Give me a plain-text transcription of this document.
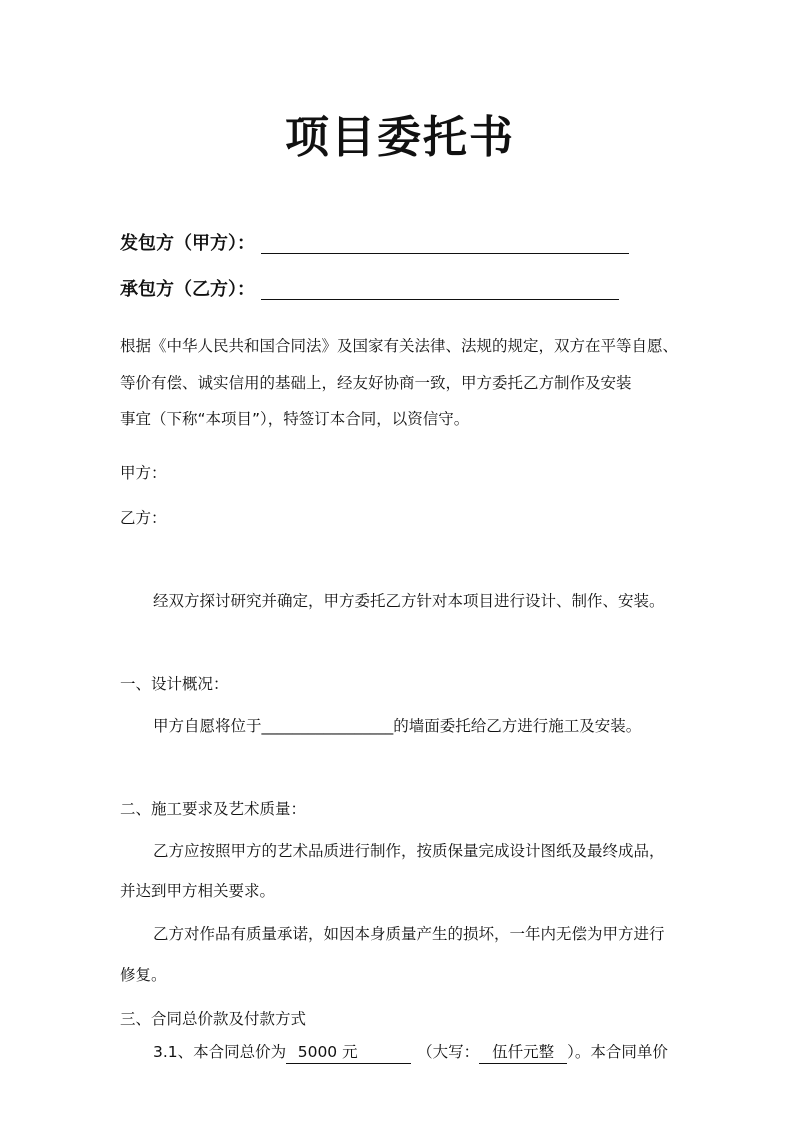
项目委托书
发包方（甲方）：
承包方（乙方）：
根据《中华人民共和国合同法》及国家有关法律、法规的规定，双方在平等自愿、
等价有偿、诚实信用的基础上，经友好协商一致，甲方委托乙方制作及安装
事宜（下称“本项目”），特签订本合同，以资信守。
甲方：
乙方：
经双方探讨研究并确定，甲方委托乙方针对本项目进行设计、制作、安装。
一、设计概况：
甲方自愿将位于_________________的墙面委托给乙方进行施工及安装。
二、施工要求及艺术质量：
乙方应按照甲方的艺术品质进行制作，按质保量完成设计图纸及最终成品，
并达到甲方相关要求。
乙方对作品有质量承诺，如因本身质量产生的损坏，一年内无偿为甲方进行
修复。
三、合同总价款及付款方式
3.1、本合同总价为 5000 元	（大写： 伍仟元整 ）。本合同单价
